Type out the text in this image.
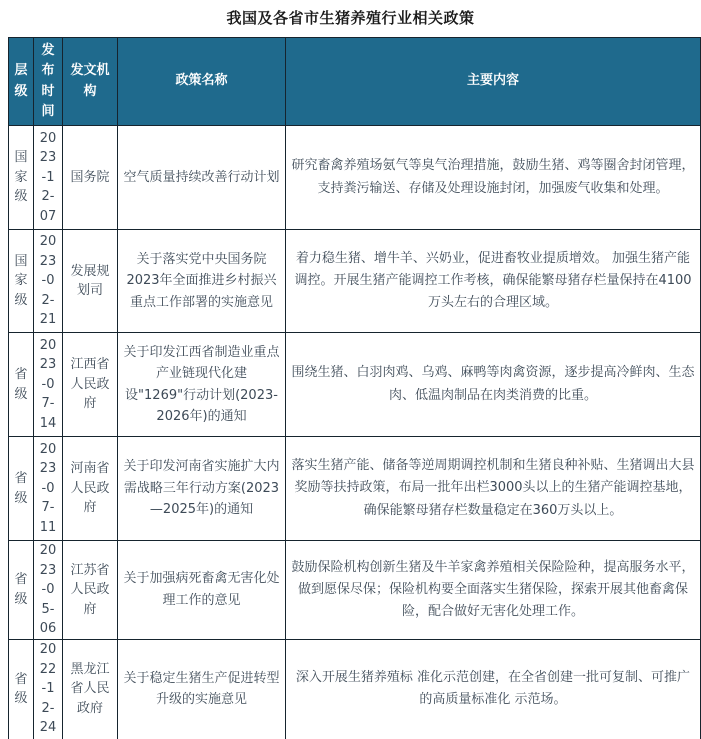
我国及各省市生猪养殖行业相关政策
层级	发布时间	发文机构	政策名称	主要内容
国家级	2023-12-07	国务院	空气质量持续改善行动计划	研究畜禽养殖场氨气等臭气治理措施，鼓励生猪、鸡等圈舍封闭管理，支持粪污输送、存储及处理设施封闭，加强废气收集和处理。
国家级	2023-02-21	发展规划司	关于落实党中央国务院2023年全面推进乡村振兴重点工作部署的实施意见	着力稳生猪、增牛羊、兴奶业，促进畜牧业提质增效。 加强生猪产能调控。开展生猪产能调控工作考核，确保能繁母猪存栏量保持在4100万头左右的合理区域。
省级	2023-07-14	江西省人民政府	关于印发江西省制造业重点产业链现代化建设"1269"行动计划(2023-2026年)的通知	围绕生猪、白羽肉鸡、乌鸡、麻鸭等肉禽资源，逐步提高冷鲜肉、生态肉、低温肉制品在肉类消费的比重。
省级	2023-07-11	河南省人民政府	关于印发河南省实施扩大内需战略三年行动方案(2023—2025年)的通知	落实生猪产能、储备等逆周期调控机制和生猪良种补贴、生猪调出大县奖励等扶持政策，布局一批年出栏3000头以上的生猪产能调控基地，确保能繁母猪存栏数量稳定在360万头以上。
省级	2023-05-06	江苏省人民政府	关于加强病死畜禽无害化处理工作的意见	鼓励保险机构创新生猪及牛羊家禽养殖相关保险险种，提高服务水平，做到愿保尽保；保险机构要全面落实生猪保险，探索开展其他畜禽保险，配合做好无害化处理工作。
省级	2022-12-24	黑龙江省人民政府	关于稳定生猪生产促进转型升级的实施意见	深入开展生猪养殖标 准化示范创建，在全省创建一批可复制、可推广的高质量标准化 示范场。
